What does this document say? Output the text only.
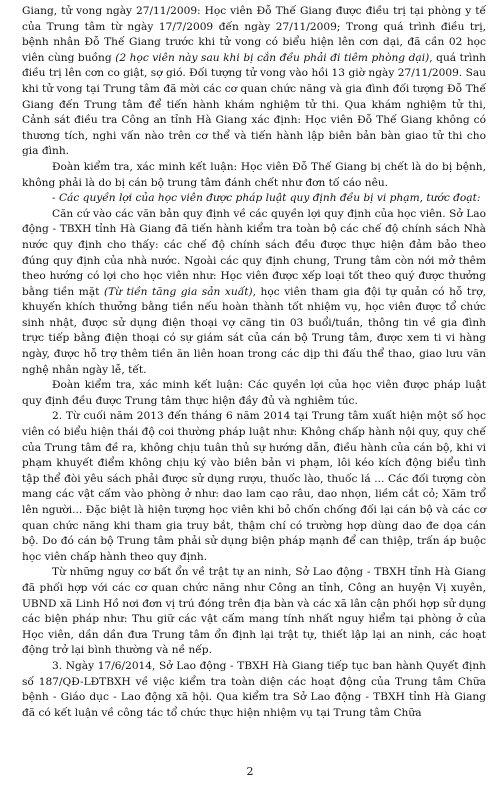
Giang, tử vong ngày 27/11/2009: Học viên Đỗ Thế Giang được điều trị tại phòng y tế của Trung tâm từ ngày 17/7/2009 đến ngày 27/11/2009; Trong quá trình điều trị, bệnh nhân Đỗ Thế Giang trước khi tử vong có biểu hiện lên cơn dại, đã cần 02 học viên cùng buồng (2 học viên này sau khi bị cắn đều phải đi tiêm phòng dại), quá trình điều trị lên cơn co giật, sợ gió. Đối tượng tử vong vào hồi 13 giờ ngày 27/11/2009. Sau khi tử vong tại Trung tâm đã mời các cơ quan chức năng và gia đình đối tượng Đỗ Thế Giang đến Trung tâm để tiến hành khám nghiệm tử thi. Qua khám nghiệm tử thi, Cảnh sát điều tra Công an tỉnh Hà Giang xác định: Học viên Đỗ Thế Giang không có thương tích, nghi vấn nào trên cơ thể và tiến hành lập biên bản bàn giao tử thi cho gia đình.

Đoàn kiểm tra, xác minh kết luận: Học viên Đỗ Thế Giang bị chết là do bị bệnh, không phải là do bị cán bộ trung tâm đánh chết như đơn tố cáo nêu.

- Các quyền lợi của học viên được pháp luật quy định đều bị vi phạm, tước đoạt:

Căn cứ vào các văn bản quy định về các quyền lợi quy định của học viên. Sở Lao động - TBXH tỉnh Hà Giang đã tiến hành kiểm tra toàn bộ các chế độ chính sách Nhà nước quy định cho thấy: các chế độ chính sách đều được thực hiện đảm bảo theo đúng quy định của nhà nước. Ngoài các quy định chung, Trung tâm còn nới mở thêm theo hướng có lợi cho học viên như: Học viên được xếp loại tốt theo quý được thưởng bằng tiền mặt (Từ tiền tăng gia sản xuất), học viên tham gia đội tự quản có hỗ trợ, khuyến khích thưởng bằng tiền nếu hoàn thành tốt nhiệm vụ, học viên được tổ chức sinh nhật, được sử dụng điện thoại vợ căng tin 03 buổi/tuần, thông tin về gia đình trực tiếp bằng điện thoại có sự giám sát của cán bộ Trung tâm, được xem ti vi hàng ngày, được hỗ trợ thêm tiền ăn liên hoan trong các dịp thi đấu thể thao, giao lưu văn nghệ nhân ngày lễ, tết.

Đoàn kiểm tra, xác minh kết luận: Các quyền lợi của học viên được pháp luật quy định đều được Trung tâm thực hiện đầy đủ và nghiêm túc.

2. Từ cuối năm 2013 đến tháng 6 năm 2014 tại Trung tâm xuất hiện một số học viên có biểu hiện thái độ coi thường pháp luật như: Không chấp hành nội quy, quy chế của Trung tâm đề ra, không chịu tuân thủ sự hướng dẫn, điều hành của cán bộ, khi vi phạm khuyết điểm không chịu ký vào biên bản vi phạm, lôi kéo kích động biểu tình tập thể đòi yêu sách phải được sử dụng rượu, thuốc lào, thuốc lá ... Các đối tượng còn mang các vật cấm vào phòng ở như: dao lam cạo râu, dao nhọn, liềm cắt cỏ; Xăm trổ lên người... Đặc biệt là hiện tượng học viên khi bỏ chốn chống đối lại cán bộ và các cơ quan chức năng khi tham gia truy bắt, thậm chí có trường hợp dùng dao đe dọa cán bộ. Do đó cán bộ Trung tâm phải sử dụng biện pháp mạnh để can thiệp, trấn áp buộc học viên chấp hành theo quy định.

Từ những nguy cơ bất ổn về trật tự an ninh, Sở Lao động - TBXH tỉnh Hà Giang đã phối hợp với các cơ quan chức năng như Công an tỉnh, Công an huyện Vị xuyên, UBND xã Linh Hồ nơi đơn vị trú đóng trên địa bàn và các xã lân cận phối hợp sử dụng các biện pháp như: Thu giữ các vật cấm mang tính nhất nguy hiểm tại phòng ở của Học viên, dần dần đưa Trung tâm ổn định lại trật tự, thiết lập lại an ninh, các hoạt động trở lại bình thường và nề nếp.

3. Ngày 17/6/2014, Sở Lao động - TBXH Hà Giang tiếp tục ban hành Quyết định số 187/QĐ-LĐTBXH về việc kiểm tra toàn diện các hoạt động của Trung tâm Chữa bệnh - Giáo dục - Lao động xã hội. Qua kiểm tra Sở Lao động - TBXH tỉnh Hà Giang đã có kết luận về công tác tổ chức thực hiện nhiệm vụ tại Trung tâm Chữa

2
